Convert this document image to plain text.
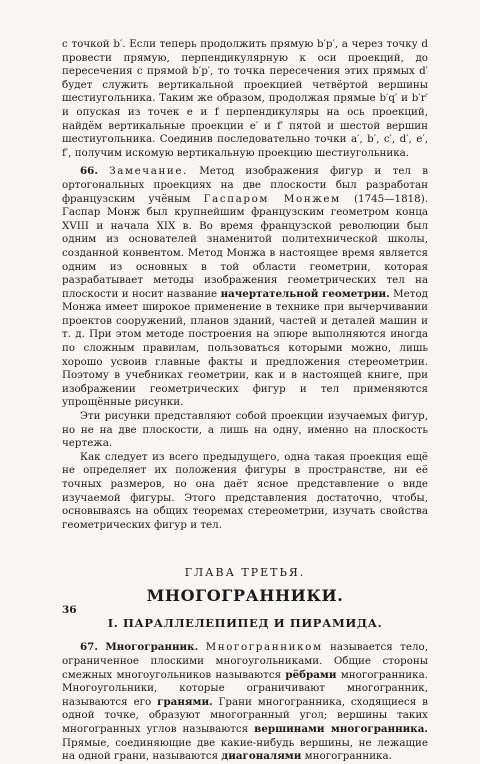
с точкой b′. Если теперь продолжить прямую b′p′, а через точку d провести прямую, перпендикулярную к оси проекций, до пересечения с прямой b′p′, то точка пересечения этих прямых d′ будет служить вертикальной проекцией четвёртой вершины шестиугольника. Таким же образом, продолжая прямые b′q′ и b′r′ и опуская из точек e и f перпендикуляры на ось проекций, найдём вертикальные проекции e′ и f′ пятой и шестой вершин шестиугольника. Соединив последовательно точки a′, b′, c′, d′, e′, f′, получим искомую вертикальную проекцию шестиугольника.

66. Замечание. Метод изображения фигур и тел в ортогональных проекциях на две плоскости был разработан французским учёным Гаспаром Монжем (1745—1818). Гаспар Монж был крупнейшим французским геометром конца XVIII и начала XIX в. Во время французской революции был одним из основателей знаменитой политехнической школы, созданной конвентом. Метод Монжа в настоящее время является одним из основных в той области геометрии, которая разрабатывает методы изображения геометрических тел на плоскости и носит название начертательной геометрии. Метод Монжа имеет широкое применение в технике при вычерчивании проектов сооружений, планов зданий, частей и деталей машин и т. д. При этом методе построения на эпюре выполняются иногда по сложным правилам, пользоваться которыми можно, лишь хорошо усвоив главные факты и предложения стереометрии. Поэтому в учебниках геометрии, как и в настоящей книге, при изображении геометрических фигур и тел применяются упрощённые рисунки.

Эти рисунки представляют собой проекции изучаемых фигур, но не на две плоскости, а лишь на одну, именно на плоскость чертежа.

Как следует из всего предыдущего, одна такая проекция ещё не определяет их положения фигуры в пространстве, ни её точных размеров, но она даёт ясное представление о виде изучаемой фигуры. Этого представления достаточно, чтобы, основываясь на общих теоремах стереометрии, изучать свойства геометрических фигур и тел.

ГЛАВА ТРЕТЬЯ.
МНОГОГРАННИКИ.
I. ПАРАЛЛЕЛЕПИПЕД И ПИРАМИДА.

67. Многогранник. Многогранником называется тело, ограниченное плоскими многоугольниками. Общие стороны смежных многоугольников называются рёбрами многогранника. Многоугольники, которые ограничивают многогранник, называются его гранями. Грани многогранника, сходящиеся в одной точке, образуют многогранный угол; вершины таких многогранных углов называются вершинами многогранника. Прямые, соединяющие две какие-нибудь вершины, не лежащие на одной грани, называются диагоналями многогранника.

36
